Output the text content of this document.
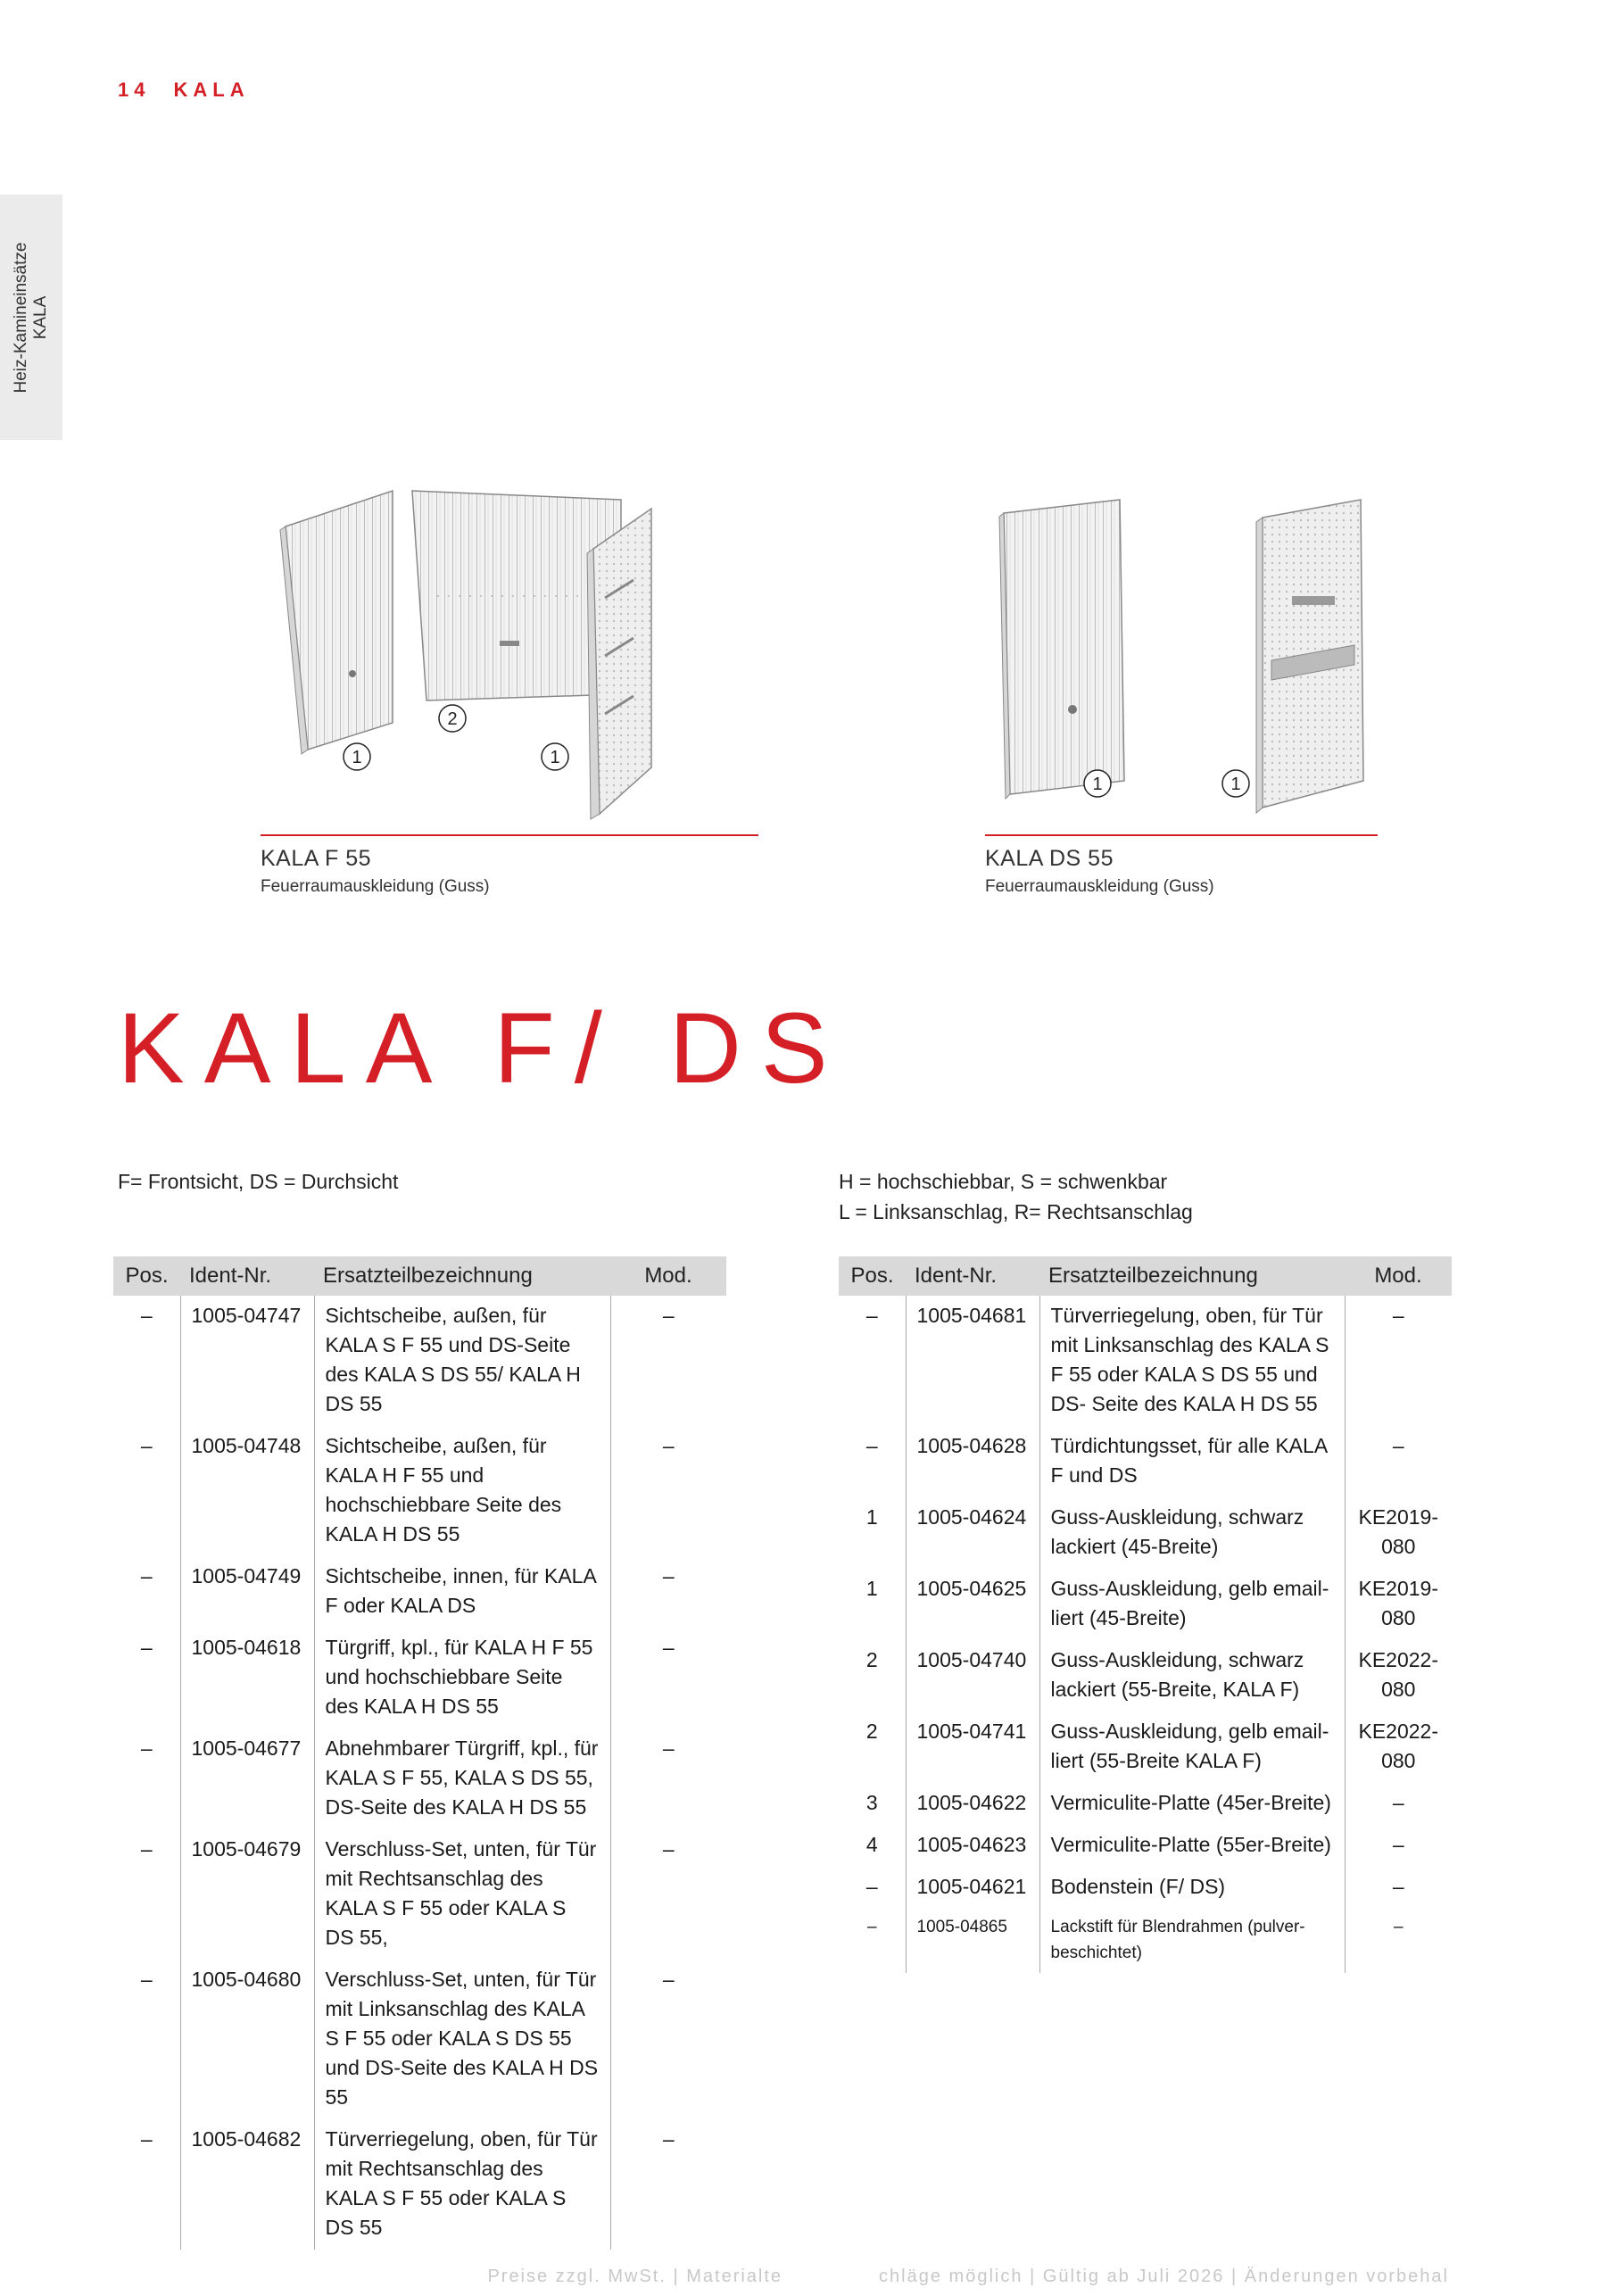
14 KALA
Heiz-Kamineinsätze KALA
1
2
1
KALA F 55
Feuerraumauskleidung (Guss)
1	1
KALA DS 55
Feuerraumauskleidung (Guss)
KALA F/ DS
F= Frontsicht, DS = Durchsicht	H = hochschiebbar, S = schwenkbar
L = Linksanschlag, R= Rechtsanschlag
Pos.	Ident-Nr.	Ersatzteilbezeichnung	Mod.
–	1005-04747	Sichtscheibe, außen, für KALA S F 55 und DS-Seite des KALA S DS 55/ KALA H DS 55	–
–	1005-04748	Sichtscheibe, außen, für KALA H F 55 und hochschiebbare Seite des KALA H DS 55	–
–	1005-04749	Sichtscheibe, innen, für KALA F oder KALA DS	–
–	1005-04618	Türgriff, kpl., für KALA H F 55 und hochschiebbare Seite des KALA H DS 55	–
–	1005-04677	Abnehmbarer Türgriff, kpl., für KALA S F 55, KALA S DS 55, DS-Seite des KALA H DS 55	–
–	1005-04679	Verschluss-Set, unten, für Tür mit Rechtsanschlag des KALA S F 55 oder KALA S DS 55,	–
–	1005-04680	Verschluss-Set, unten, für Tür mit Linksanschlag des KALA S F 55 oder KALA S DS 55 und DS-Seite des KALA H DS 55	–
–	1005-04682	Türverriegelung, oben, für Tür mit Rechtsanschlag des KALA S F 55 oder KALA S DS 55	–
Pos.	Ident-Nr.	Ersatzteilbezeichnung	Mod.
–	1005-04681	Türverriegelung, oben, für Tür mit Linksanschlag des KALA S F 55 oder KALA S DS 55 und DS- Seite des KALA H DS 55	–
–	1005-04628	Türdichtungsset, für alle KALA F und DS	–
1	1005-04624	Guss-Auskleidung, schwarz lackiert (45-Breite)	KE2019-080
1	1005-04625	Guss-Auskleidung, gelb email-liert (45-Breite)	KE2019-080
2	1005-04740	Guss-Auskleidung, schwarz lackiert (55-Breite, KALA F)	KE2022-080
2	1005-04741	Guss-Auskleidung, gelb email-liert (55-Breite KALA F)	KE2022-080
3	1005-04622	Vermiculite-Platte (45er-Breite)	–
4	1005-04623	Vermiculite-Platte (55er-Breite)	–
–	1005-04621	Bodenstein (F/ DS)	–
–	1005-04865	Lackstift für Blendrahmen (pulver-beschichtet)	–
Preise zzgl. MwSt. | Materialte	chläge möglich | Gültig ab Juli 2026 | Änderungen vorbehal
